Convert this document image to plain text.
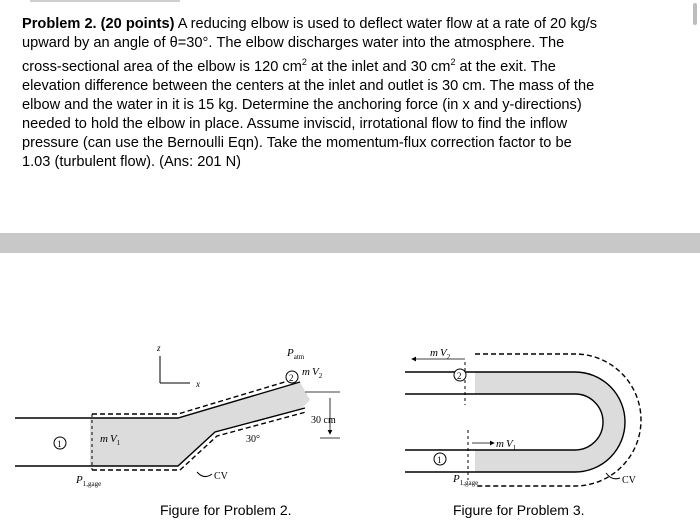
Problem 2. (20 points) A reducing elbow is used to deflect water flow at a rate of 20 kg/s
upward by an angle of θ=30°. The elbow discharges water into the atmosphere. The
cross-sectional area of the elbow is 120 $cm^2$ at the inlet and 30 $cm^2$ at the exit. The
elevation difference between the centers at the inlet and outlet is 30 cm. The mass of the
elbow and the water in it is 15 kg. Determine the anchoring force (in x and y-directions)
needed to hold the elbow in place. Assume inviscid, irrotational flow to find the inflow
pressure (can use the Bernoulli Eqn). Take the momentum-flux correction factor to be
1.03 (turbulent flow). (Ans: 201 N)
z
x
$P_{atm}$
2 m $V_2$
30 cm
30°
1	m $V_1$
$P_{1,gage}$
CV
Figure for Problem 2.
m $V_2$
2
m $V_1$
1
$P_{1,gage}$	CV
Figure for Problem 3.
